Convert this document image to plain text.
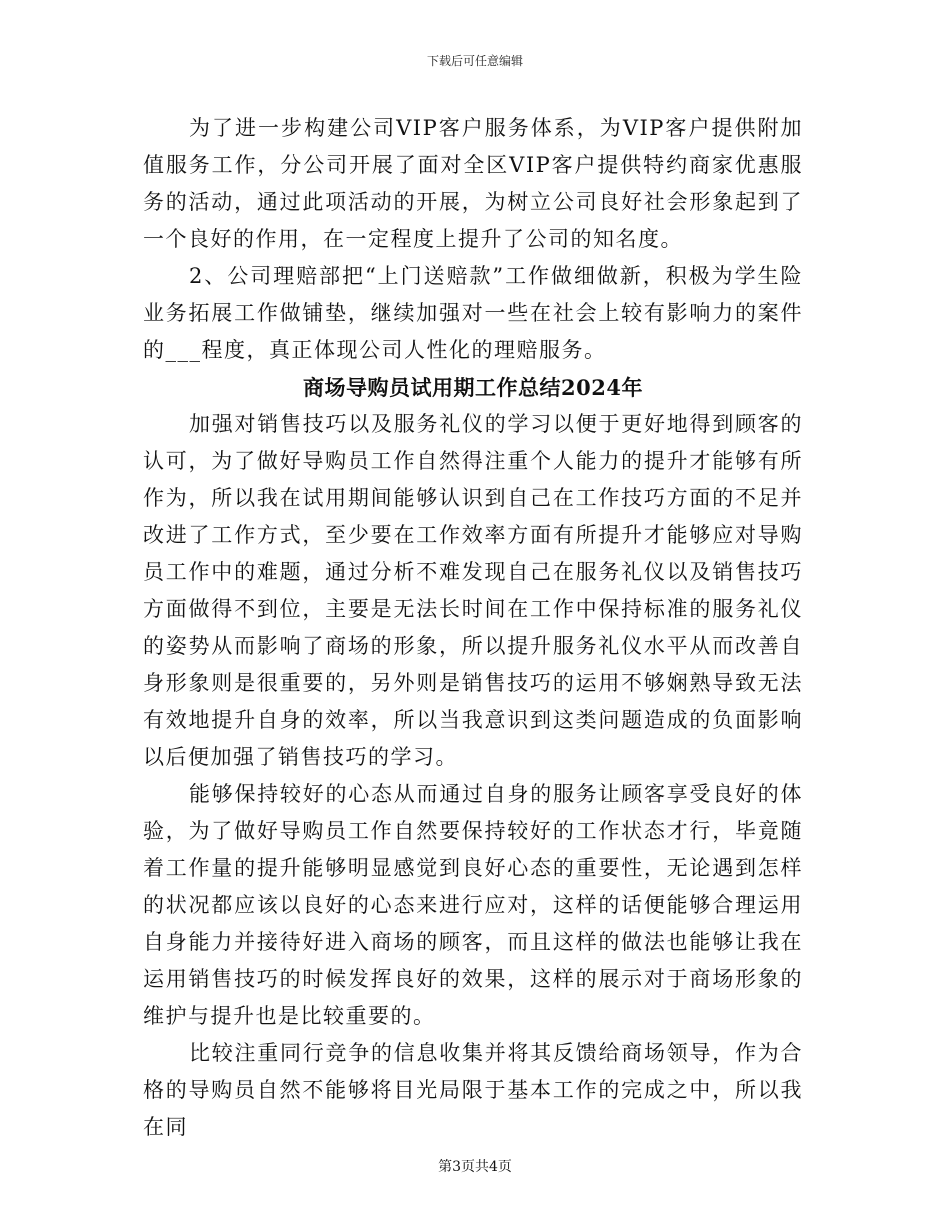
下载后可任意编辑

为了进一步构建公司VIP客户服务体系，为VIP客户提供附加值服务工作，分公司开展了面对全区VIP客户提供特约商家优惠服务的活动，通过此项活动的开展，为树立公司良好社会形象起到了一个良好的作用，在一定程度上提升了公司的知名度。

2、公司理赔部把“上门送赔款”工作做细做新，积极为学生险业务拓展工作做铺垫，继续加强对一些在社会上较有影响力的案件的___程度，真正体现公司人性化的理赔服务。

商场导购员试用期工作总结2024年

加强对销售技巧以及服务礼仪的学习以便于更好地得到顾客的认可，为了做好导购员工作自然得注重个人能力的提升才能够有所作为，所以我在试用期间能够认识到自己在工作技巧方面的不足并改进了工作方式，至少要在工作效率方面有所提升才能够应对导购员工作中的难题，通过分析不难发现自己在服务礼仪以及销售技巧方面做得不到位，主要是无法长时间在工作中保持标准的服务礼仪的姿势从而影响了商场的形象，所以提升服务礼仪水平从而改善自身形象则是很重要的，另外则是销售技巧的运用不够娴熟导致无法有效地提升自身的效率，所以当我意识到这类问题造成的负面影响以后便加强了销售技巧的学习。

能够保持较好的心态从而通过自身的服务让顾客享受良好的体验，为了做好导购员工作自然要保持较好的工作状态才行，毕竟随着工作量的提升能够明显感觉到良好心态的重要性，无论遇到怎样的状况都应该以良好的心态来进行应对，这样的话便能够合理运用自身能力并接待好进入商场的顾客，而且这样的做法也能够让我在运用销售技巧的时候发挥良好的效果，这样的展示对于商场形象的维护与提升也是比较重要的。

比较注重同行竞争的信息收集并将其反馈给商场领导，作为合格的导购员自然不能够将目光局限于基本工作的完成之中，所以我在同

第3页共4页
